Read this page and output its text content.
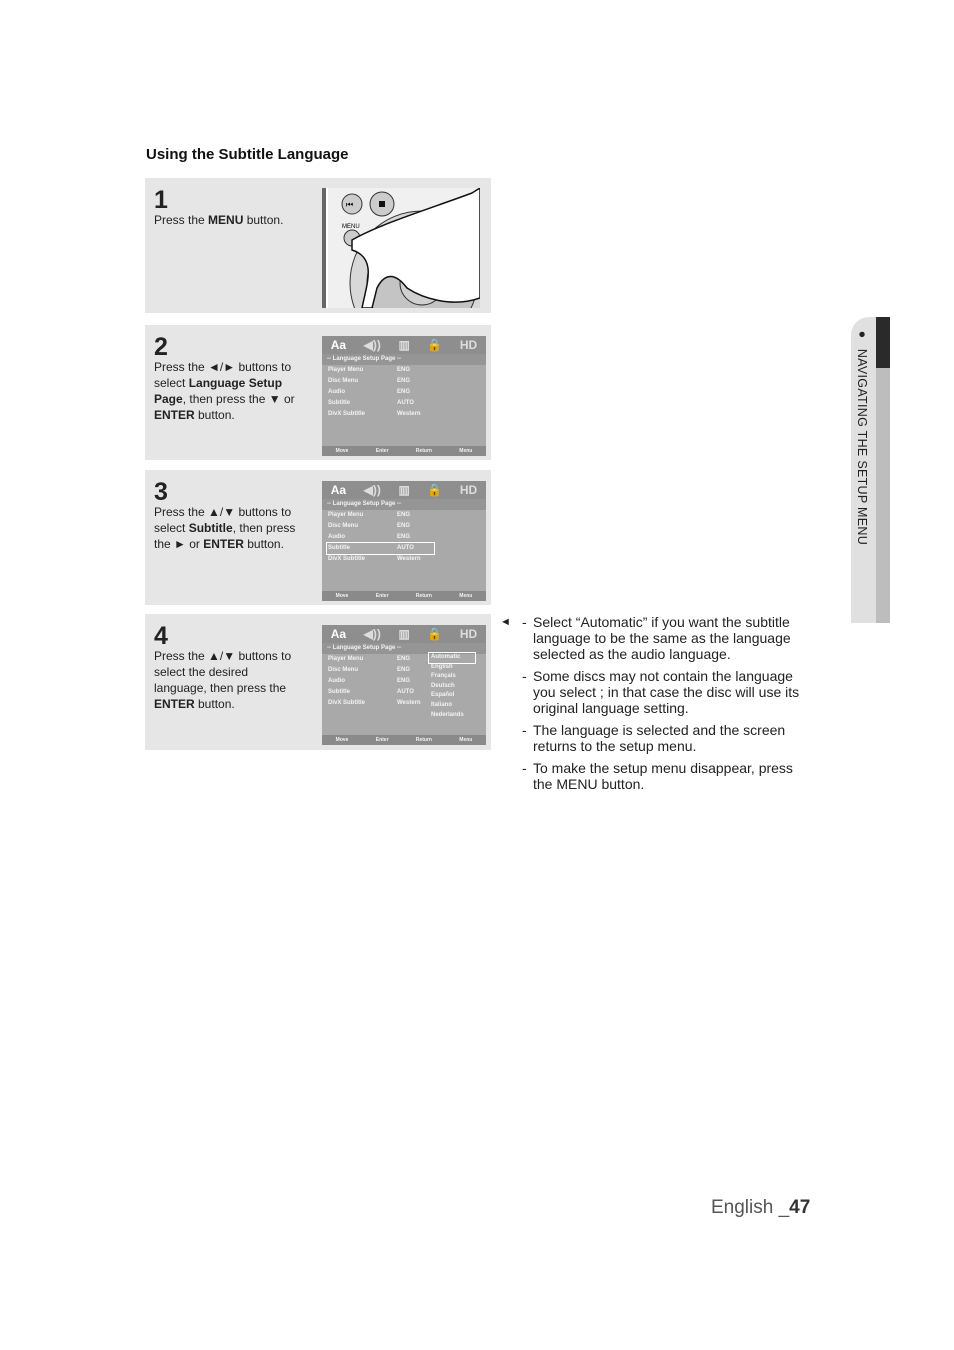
Using the Subtitle Language
1
Press the MENU button.
⏮
MENU
2
Press the ◄/► buttons to select Language Setup Page, then press the ▼ or ENTER button.
Aa ◀)) ▥ 🔒 HD
-- Language Setup Page --
Player Menu	ENG
Disc Menu	ENG
Audio	ENG
Subtitle	AUTO
DivX Subtitle	Western
Move	Enter	Return	Menu
3
Press the ▲/▼ buttons to select Subtitle, then press the ► or ENTER button.
Aa ◀)) ▥ 🔒 HD
-- Language Setup Page --
Player Menu	ENG
Disc Menu	ENG
Audio	ENG
Subtitle	AUTO
DivX Subtitle	Western
Move	Enter	Return	Menu
4
Press the ▲/▼ buttons to select the desired language, then press the ENTER button.
Aa ◀)) ▥ 🔒 HD
-- Language Setup Page --
Player Menu	ENG
Disc Menu	ENG
Audio	ENG
Subtitle	AUTO
DivX Subtitle	Western
Automatic
English
Français
Deutsch
Español
Italiano
Nederlands
Move	Enter	Return	Menu
◄ - Select “Automatic” if you want the subtitle language to be the same as the language selected as the audio language.
- Some discs may not contain the language you select ; in that case the disc will use its original language setting.
- The language is selected and the screen returns to the setup menu.
- To make the setup menu disappear, press the MENU button.
●  NAVIGATING THE SETUP MENU
English _47
